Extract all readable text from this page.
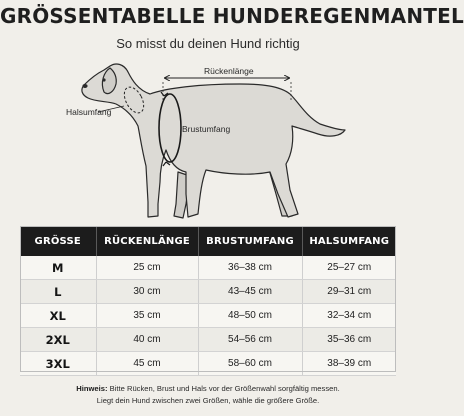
GRÖSSENTABELLE HUNDEREGENMANTEL
So misst du deinen Hund richtig
Rückenlänge
Halsumfang
Brustumfang
GRÖSSE	RÜCKENLÄNGE	BRUSTUMFANG	HALSUMFANG
M	25 cm	36–38 cm	25–27 cm
L	30 cm	43–45 cm	29–31 cm
XL	35 cm	48–50 cm	32–34 cm
2XL	40 cm	54–56 cm	35–36 cm
3XL	45 cm	58–60 cm	38–39 cm
Hinweis: Bitte Rücken, Brust und Hals vor der Größenwahl sorgfältig messen.
Liegt dein Hund zwischen zwei Größen, wähle die größere Größe.
